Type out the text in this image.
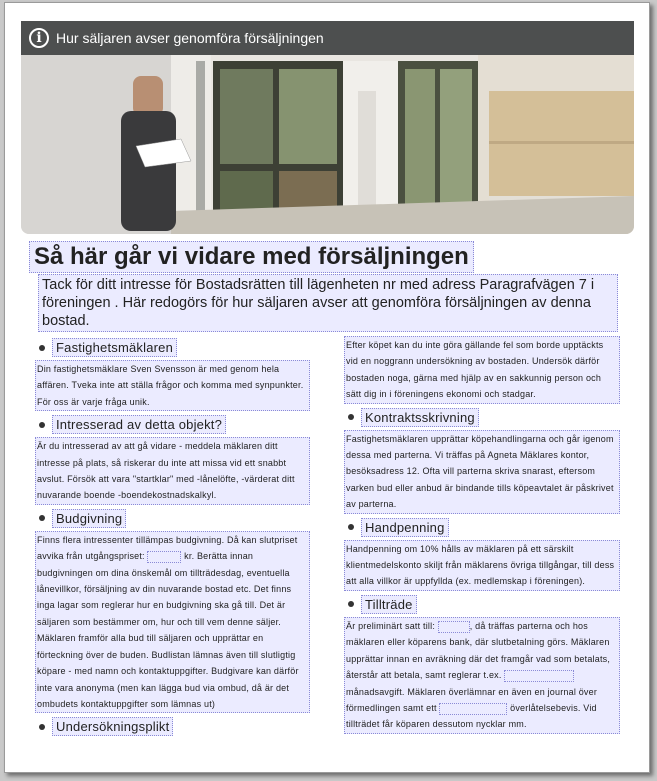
i	Hur säljaren avser genomföra försäljningen
Så här går vi vidare med försäljningen
Tack för ditt intresse för Bostadsrätten till lägenheten nr med adress Paragrafvägen 7 i föreningen . Här redogörs för hur säljaren avser att genomföra försäljningen av denna bostad.
Fastighetsmäklaren
Din fastighetsmäklare Sven Svensson är med genom hela affären. Tveka inte att ställa frågor och komma med synpunkter. För oss är varje fråga unik.
Intresserad av detta objekt?
Är du intresserad av att gå vidare - meddela mäklaren ditt intresse på plats, så riskerar du inte att missa vid ett snabbt avslut. Försök att vara "startklar" med -lånelöfte, -värderat ditt nuvarande boende -boendekostnadskalkyl.
Budgivning
Finns flera intressenter tillämpas budgivning. Då kan slutpriset avvika från utgångspriset:	kr. Berätta innan budgivningen om dina önskemål om tillträdesdag, eventuella lånevillkor, försäljning av din nuvarande bostad etc. Det finns inga lagar som reglerar hur en budgivning ska gå till. Det är säljaren som bestämmer om, hur och till vem denne säljer. Mäklaren framför alla bud till säljaren och upprättar en förteckning över de buden. Budlistan lämnas även till slutligtig köpare - med namn och kontaktuppgifter. Budgivare kan därför inte vara anonyma (men kan lägga bud via ombud, då är det ombudets kontaktuppgifter som lämnas ut)
Undersökningsplikt
Efter köpet kan du inte göra gällande fel som borde upptäckts vid en noggrann undersökning av bostaden. Undersök därför bostaden noga, gärna med hjälp av en sakkunnig person och sätt dig in i föreningens ekonomi och stadgar.
Kontraktsskrivning
Fastighetsmäklaren upprättar köpehandlingarna och går igenom dessa med parterna. Vi träffas på Agneta Mäklares kontor, besöksadress 12. Ofta vill parterna skriva snarast, eftersom varken bud eller anbud är bindande tills köpeavtalet är påskrivet av parterna.
Handpenning
Handpenning om 10% hålls av mäklaren på ett särskilt klientmedelskonto skiljt från mäklarens övriga tillgångar, till dess att alla villkor är uppfyllda (ex. medlemskap i föreningen).
Tillträde
Är preliminärt satt till:	, då träffas parterna och hos mäklaren eller köparens bank, där slutbetalning görs. Mäklaren upprättar innan en avräkning där det framgår vad som betalats, återstår att betala, samt reglerar t.ex.  månadsavgift. Mäklaren överlämnar en även en journal över förmedlingen samt ett	överlåtelsebevis. Vid tillträdet får köparen dessutom nycklar mm.
